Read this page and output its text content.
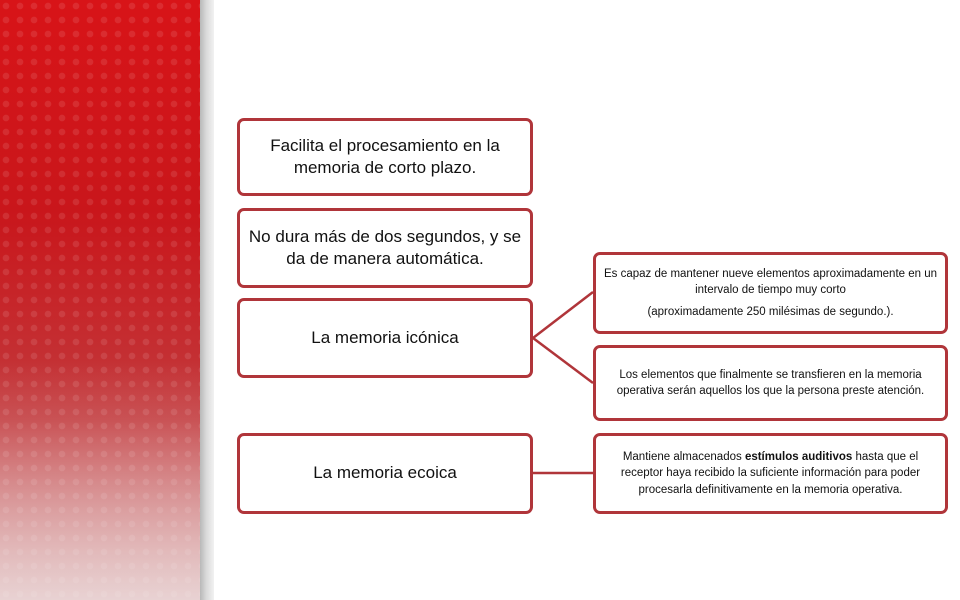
Facilita el procesamiento en la memoria de corto plazo.
No dura más de dos segundos, y se da de manera automática.
La memoria icónica
La memoria ecoica

Es capaz de mantener nueve elementos aproximadamente en un intervalo de tiempo muy corto

(aproximadamente 250 milésimas de segundo.).

Los elementos que finalmente se transfieren en la memoria operativa serán aquellos los que la persona preste atención.
Mantiene almacenados estímulos auditivos hasta que el receptor haya recibido la suficiente información para poder procesarla definitivamente en la memoria operativa.
